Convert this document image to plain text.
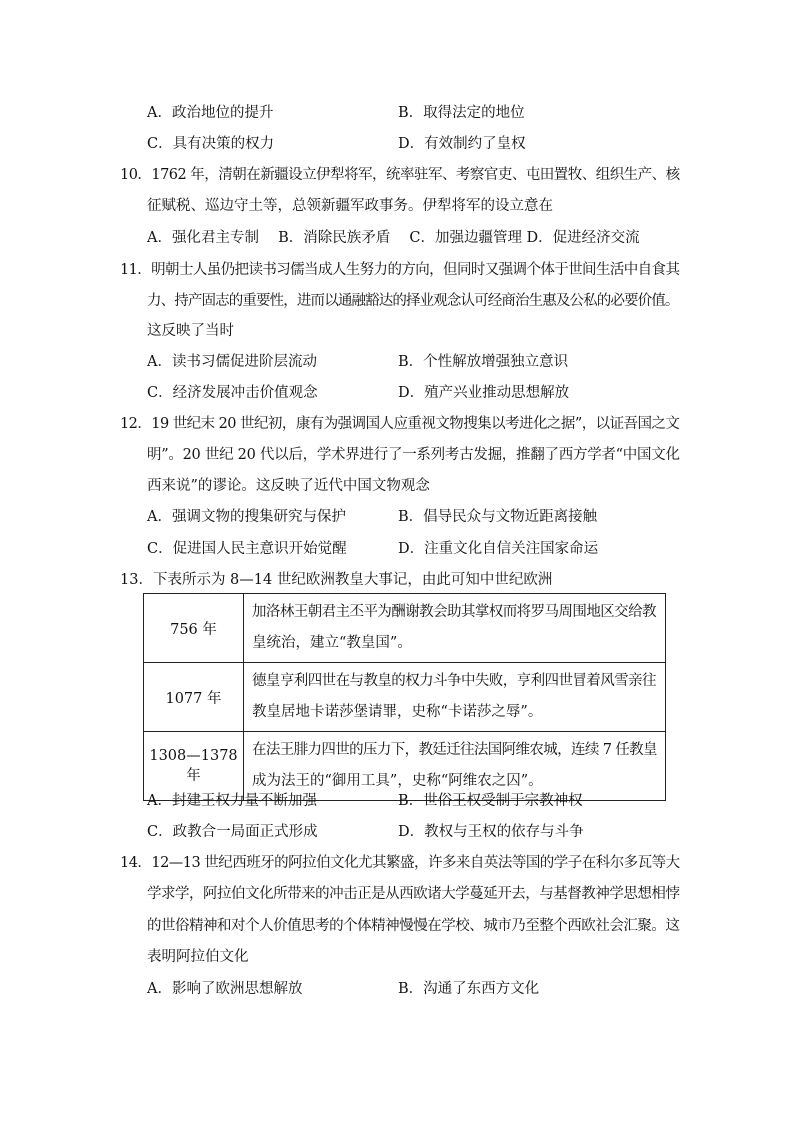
A．政治地位的提升	B．取得法定的地位
C．具有决策的权力	D．有效制约了皇权
10．1762 年，清朝在新疆设立伊犁将军，统率驻军、考察官吏、屯田置牧、组织生产、核
征赋税、巡边守土等，总领新疆军政事务。伊犁将军的设立意在
A．强化君主专制　 B．消除民族矛盾　 C．加强边疆管理 D．促进经济交流
11．明朝士人虽仍把读书习儒当成人生努力的方向，但同时又强调个体于世间生活中自食其
力、持产固志的重要性，进而以通融豁达的择业观念认可经商治生惠及公私的必要价值。
这反映了当时
A．读书习儒促进阶层流动	B．个性解放增强独立意识
C．经济发展冲击价值观念	D．殖产兴业推动思想解放
12．19 世纪末 20 世纪初，康有为强调国人应重视文物搜集以考进化之据”，以证吾国之文
明”。20 世纪 20 代以后，学术界进行了一系列考古发掘，推翻了西方学者“中国文化
西来说”的谬论。这反映了近代中国文物观念
A．强调文物的搜集研究与保护	B．倡导民众与文物近距离接触
C．促进国人民主意识开始觉醒	D．注重文化自信关注国家命运
13．下表所示为 8—14 世纪欧洲教皇大事记，由此可知中世纪欧洲
756 年	加洛林王朝君主丕平为酬谢教会助其掌权而将罗马周围地区交给教
皇统治，建立“教皇国”。

1077 年	德皇亨利四世在与教皇的权力斗争中失败，亨利四世冒着风雪亲往
教皇居地卡诺莎堡请罪，史称“卡诺莎之辱”。

1308—1378年	在法王腓力四世的压力下，教廷迁往法国阿维农城，连续 7 任教皇
成为法王的“御用工具”，史称“阿维农之囚”。
A．封建王权力量不断加强	B．世俗王权受制于宗教神权
C．政教合一局面正式形成	D．教权与王权的依存与斗争
14．12—13 世纪西班牙的阿拉伯文化尤其繁盛，许多来自英法等国的学子在科尔多瓦等大
学求学，阿拉伯文化所带来的冲击正是从西欧诸大学蔓延开去，与基督教神学思想相悖
的世俗精神和对个人价值思考的个体精神慢慢在学校、城市乃至整个西欧社会汇聚。这
表明阿拉伯文化
A．影响了欧洲思想解放	B．沟通了东西方文化
